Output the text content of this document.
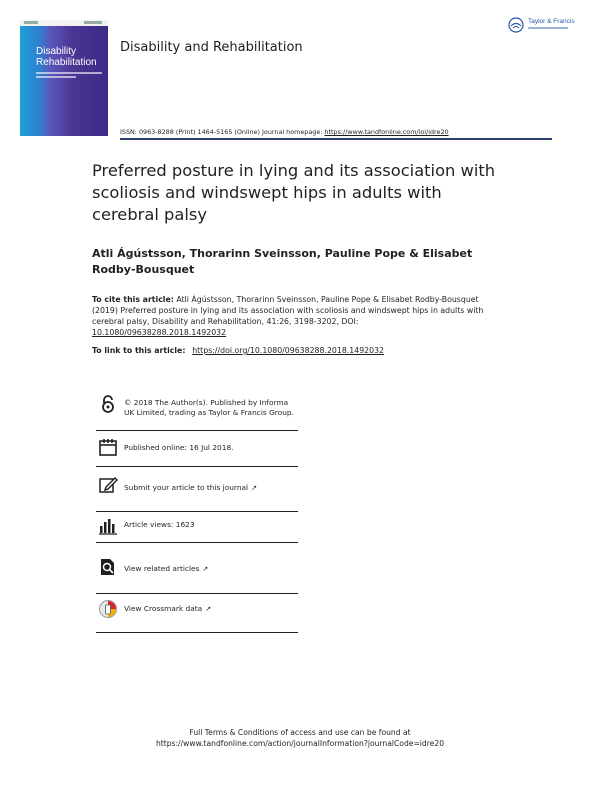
Disability
Rehabilitation
Disability and Rehabilitation
Taylor & Francis
ISSN: 0963-8288 (Print) 1464-5165 (Online) Journal homepage: https://www.tandfonline.com/loi/idre20
Preferred posture in lying and its association with scoliosis and windswept hips in adults with cerebral palsy
Atli Ágústsson, Thorarinn Sveinsson, Pauline Pope & Elisabet Rodby-Bousquet
To cite this article: Atli Ágústsson, Thorarinn Sveinsson, Pauline Pope & Elisabet Rodby-Bousquet (2019) Preferred posture in lying and its association with scoliosis and windswept hips in adults with cerebral palsy, Disability and Rehabilitation, 41:26, 3198-3202, DOI: 10.1080/09638288.2018.1492032
To link to this article: https://doi.org/10.1080/09638288.2018.1492032
© 2018 The Author(s). Published by Informa UK Limited, trading as Taylor & Francis Group.
Published online: 16 Jul 2018.
Submit your article to this journal ↗
Article views: 1623
View related articles ↗
View Crossmark data ↗
Full Terms & Conditions of access and use can be found at
https://www.tandfonline.com/action/journalInformation?journalCode=idre20
